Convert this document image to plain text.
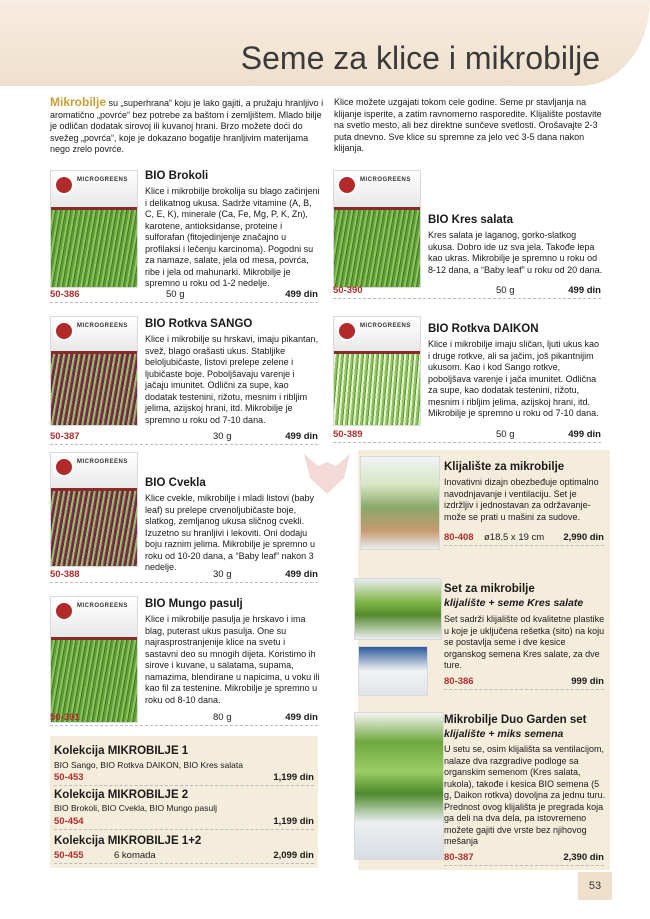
Seme za klice i mikrobilje
Mikrobilje su „superhrana“ koju je lako gajiti, a pružaju hranljivo i aromatično „povrće“ bez potrebe za baštom i zemljištem. Mlado bilje je odličan dodatak sirovoj ili kuvanoj hrani. Brzo možete doći do svežeg „povrća“, koje je dokazano bogatije hranljivim materijama nego zrelo povrće.
Klice možete uzgajati tokom cele godine. Seme pr stavljanja na klijanje isperite, a zatim ravnomerno rasporedite. Klijalište postavite na svetlo mesto, ali bez direktne sunčeve svetlosti. Orošavajte 2-3 puta dnevno. Sve klice su spremne za jelo već 3-5 dana nakon klijanja.
MICROGREENS BIO Brokoli
Klice i mikrobilje brokolija su blago začinjeni i delikatnog ukusa. Sadrže vitamine (A, B, C, E, K), minerale (Ca, Fe, Mg, P, K, Zn), karotene, antioksidanse, proteine i sulforafan (fitojedinjenje značajno u profilaksi i lečenju karcinoma). Pogodni su za namaze, salate, jela od mesa, povrća, ribe i jela od mahunarki. Mikrobilje je spremno u roku od 1-2 nedelje.
50-386	50 g	499 din
MICROGREENS
BIO Kres salata
Kres salata je laganog, gorko-slatkog ukusa. Dobro ide uz sva jela. Takođe lepa kao ukras. Mikrobilje je spremno u roku od 8-12 dana, a “Baby leaf” u roku od 20 dana.
50-390	50 g	499 din
MICROGREENS BIO Rotkva SANGO
Klice i mikrobilje su hrskavi, imaju pikantan, svež, blago orašasti ukus. Stabljike beloljubičaste, listovi prelepe zelene i ljubičaste boje. Poboljšavaju varenje i jačaju imunitet. Odlični za supe, kao dodatak testenini, rižotu, mesnim i ribljim jelima, azijskoj hrani, itd. Mikrobilje je spremno u roku od 7-10 dana.
50-387	30 g	499 din
MICROGREENS BIO Rotkva DAIKON
Klice i mikrobilje imaju sličan, ljuti ukus kao i druge rotkve, ali sa jačim, još pikantnijim ukusom. Kao i kod Sango rotkve, poboljšava varenje i jača imunitet. Odlična za supe, kao dodatak testenini, rižotu, mesnim i ribljim jelima, azijskoj hrani, itd. Mikrobilje je spremno u roku od 7-10 dana.
50-389	50 g	499 din
MICROGREENS
BIO Cvekla
Klice cvekle, mikrobilje i mladi listovi (baby leaf) su prelepe crvenoljubičaste boje, slatkog, zemljanog ukusa sličnog cvekli. Izuzetno su hranljivi i lekoviti. Oni dodaju boju raznim jelima. Mikrobilje je spremno u roku od 10-20 dana, a “Baby leaf” nakon 3 nedelje.
50-388	30 g	499 din
MICROGREENS BIO Mungo pasulj
Klice i mikrobilje pasulja je hrskavo i ima blag, puterast ukus pasulja. One su najrasprostranjenije klice na svetu i sastavni deo su mnogih dijeta. Koristimo ih sirove i kuvane, u salatama, supama, namazima, blendirane u napicima, u voku ili kao fil za testenine. Mikrobilje je spremno u roku od 8-10 dana.
50-391	80 g	499 din
Kolekcija MIKROBILJE 1
BIO Sango, BIO Rotkva DAIKON, BIO Kres salata
50-453	1,199 din
Kolekcija MIKROBILJE 2
BIO Brokoli, BIO Cvekla, BIO Mungo pasulj
50-454	1,199 din
Kolekcija MIKROBILJE 1+2
50-455	6 komada	2,099 din
Klijalište za mikrobilje
Inovativni dizajn obezbeđuje optimalno navodnjavanje i ventilaciju. Set je izdržljiv i jednostavan za održavanje- može se prati u mašini za sudove.
80-408 ø18.5 x 19 cm 2,990 din
Set za mikrobilje
klijalište + seme Kres salate
Set sadrži klijalište od kvalitetne plastike u koje je uključena rešetka (sito) na koju se postavlja seme i dve kesice organskog semena Kres salate, za dve ture.
80-386	999 din
Mikrobilje Duo Garden set
klijalište + miks semena
U setu se, osim klijališta sa ventilacijom, nalaze dva razgradive podloge sa organskim semenom (Kres salata, rukola), takođe i kesica BIO semena (5 g, Daikon rotkva) dovoljna za jednu turu. Prednost ovog klijališta je pregrada koja ga deli na dva dela, pa istovremeno možete gajiti dve vrste bez njihovog mešanja
80-387	2,390 din
53
